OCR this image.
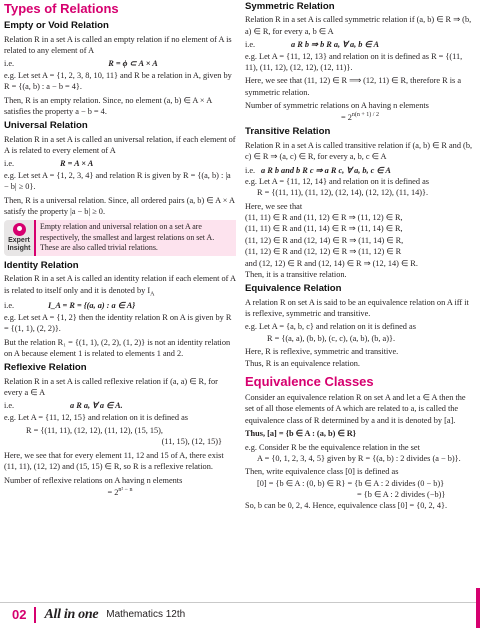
Types of Relations
Empty or Void Relation

Relation R in a set A is called an empty relation if no element of A is related to any element of A

i.e.	R = ϕ ⊂ A × A

e.g. Let set A = {1, 2, 3, 8, 10, 11} and R be a relation in A, given by R = {(a, b) : a − b = 4}.

Then, R is an empty relation. Since, no element (a, b) ∈ A × A satisfies the property a − b = 4.

Universal Relation

Relation R in a set A is called an universal relation, if each element of A is related to every element of A

i.e.	R = A × A

e.g. Let set A = {1, 2, 3, 4} and relation R is given by R = {(a, b) : |a − b| ≥ 0}.

Then, R is a universal relation. Since, all ordered pairs (a, b) ∈ A × A satisfy the property |a − b| ≥ 0.

Expert
Insight
Empty relation and universal relation on a set A are respectively, the smallest and largest relations on set A. These are also called trivial relations.
Identity Relation

Relation R in a set A is called an identity relation if each element of A is related to itself only and it is denoted by $I_A$

i.e.	I_A = R = {(a, a) : a ∈ A}

e.g. Let set A = {1, 2} then the identity relation R on A is given by R = {(1, 1), (2, 2)}.

But the relation R₁ = {(1, 1), (2, 2), (1, 2)} is not an identity relation on A because element 1 is related to elements 1 and 2.

Reflexive Relation

Relation R in a set A is called reflexive relation if (a, a) ∈ R, for every a ∈ A

i.e.	a R a, ∀ a ∈ A.

e.g. Let A = {11, 12, 15} and relation on it is defined as

R = {(11, 11), (12, 12), (11, 12), (15, 15),

(11, 15), (12, 15)}

Here, we see that for every element 11, 12 and 15 of A, there exist (11, 11), (12, 12) and (15, 15) ∈ R, so R is a reflexive relation.

Number of reflexive relations on A having n elements

= $2^{n^2 - n}$

Symmetric Relation

Relation R in a set A is called symmetric relation if (a, b) ∈ R ⇒ (b, a) ∈ R, for every a, b ∈ A

i.e.	a R b ⇒ b R a, ∀ a, b ∈ A

e.g. Let A = {11, 12, 13} and relation on it is defined as R = {(11, 11), (11, 12), (12, 12), (12, 11)}.

Here, we see that (11, 12) ∈ R ⟹ (12, 11) ∈ R, therefore R is a symmetric relation.

Number of symmetric relations on A having n elements

= $2^{n(n + 1) / 2}$

Transitive Relation

Relation R in a set A is called transitive relation if (a, b) ∈ R and (b, c) ∈ R ⇒ (a, c) ∈ R, for every a, b, c ∈ A

i.e. a R b and b R c ⇒ a R c, ∀ a, b, c ∈ A

e.g. Let A = {11, 12, 14} and relation on it is defined as

R = {(11, 11), (11, 12), (12, 14), (12, 12), (11, 14)}.

Here, we see that

(11, 11) ∈ R and (11, 12) ∈ R ⇒ (11, 12) ∈ R,

(11, 11) ∈ R and (11, 14) ∈ R ⇒ (11, 14) ∈ R,

(11, 12) ∈ R and (12, 14) ∈ R ⇒ (11, 14) ∈ R,

(11, 12) ∈ R and (12, 12) ∈ R ⇒ (11, 12) ∈ R

and (12, 12) ∈ R and (12, 14) ∈ R ⇒ (12, 14) ∈ R.

Then, it is a transitive relation.

Equivalence Relation

A relation R on set A is said to be an equivalence relation on A iff it is reflexive, symmetric and transitive.

e.g. Let A = {a, b, c} and relation on it is defined as

R = {(a, a), (b, b), (c, c), (a, b), (b, a)}.

Here, R is reflexive, symmetric and transitive.

Thus, R is an equivalence relation.

Equivalence Classes

Consider an equivalence relation R on set A and let a ∈ A then the set of all those elements of A which are related to a, is called the equivalence class of R determined by a and it is denoted by [a].

Thus, [a] = {b ∈ A : (a, b) ∈ R}

e.g. Consider R be the equivalence relation in the set

A = {0, 1, 2, 3, 4, 5} given by R = {(a, b) : 2 divides (a − b)}.

Then, write equivalence class [0] is defined as

[0] = {b ∈ A : (0, b) ∈ R} = {b ∈ A : 2 divides (0 − b)}

= {b ∈ A : 2 divides (−b)}

So, b can be 0, 2, 4. Hence, equivalence class [0] = {0, 2, 4}.

02 All in one Mathematics 12th
